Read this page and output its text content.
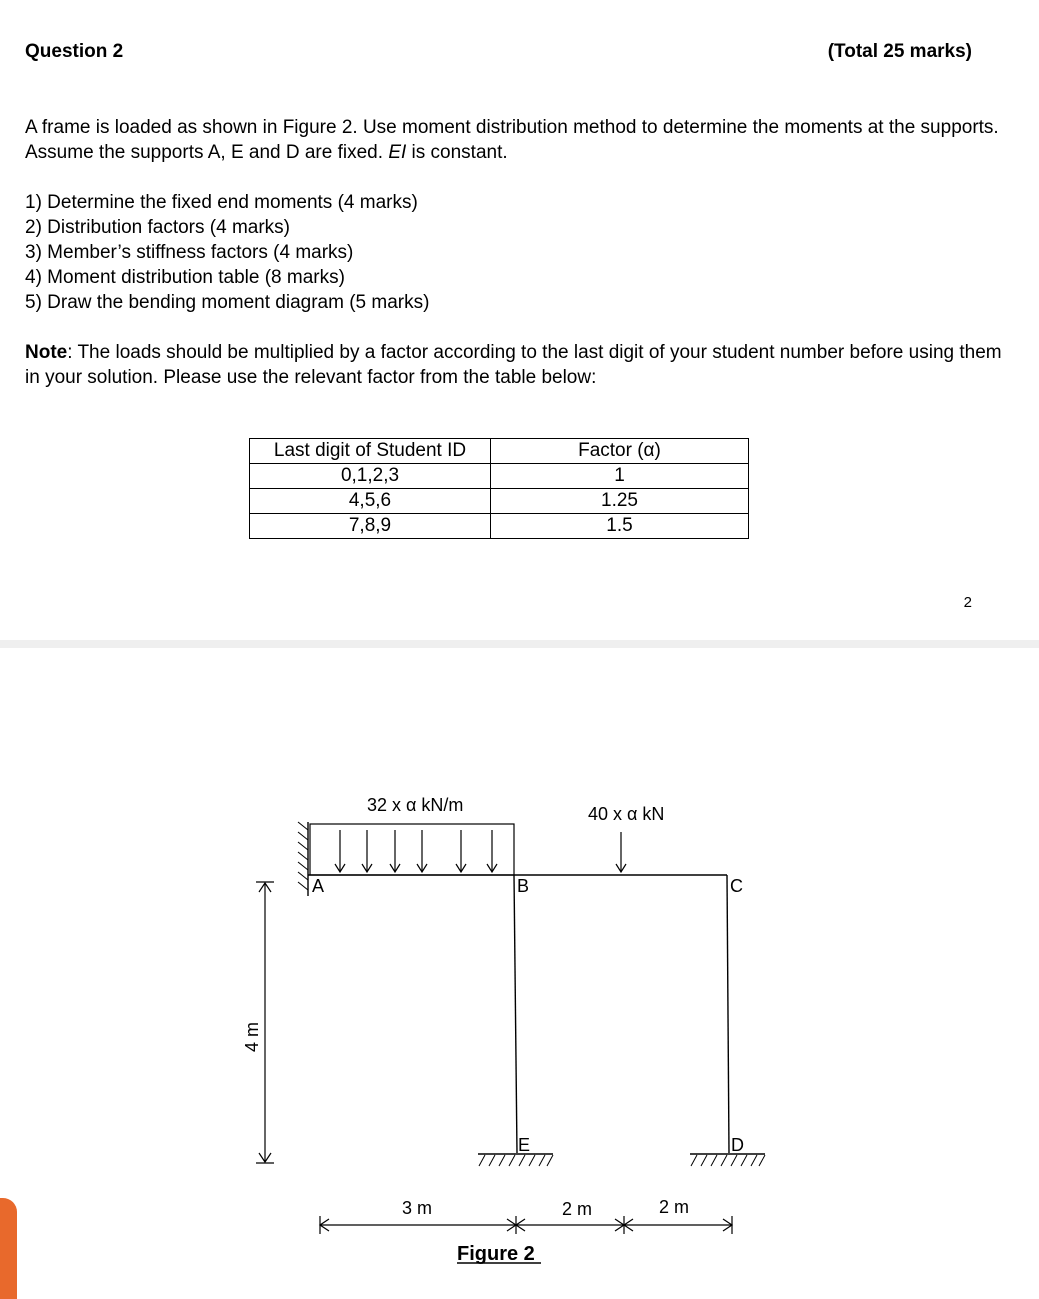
Question 2	(Total 25 marks)
A frame is loaded as shown in Figure 2. Use moment distribution method to determine the moments at the supports. Assume the supports A, E and D are fixed. EI is constant.
1) Determine the fixed end moments (4 marks)
2) Distribution factors (4 marks)
3) Member’s stiffness factors (4 marks)
4) Moment distribution table (8 marks)
5) Draw the bending moment diagram (5 marks)
Note: The loads should be multiplied by a factor according to the last digit of your student number before using them in your solution. Please use the relevant factor from the table below:
Last digit of Student ID	Factor (α)
0,1,2,3	1
4,5,6	1.25
7,8,9	1.5
2
32 x α kN/m	40 x α kN
A	B	C
E	D
4 m
3 m	2 m	2 m
Figure 2
